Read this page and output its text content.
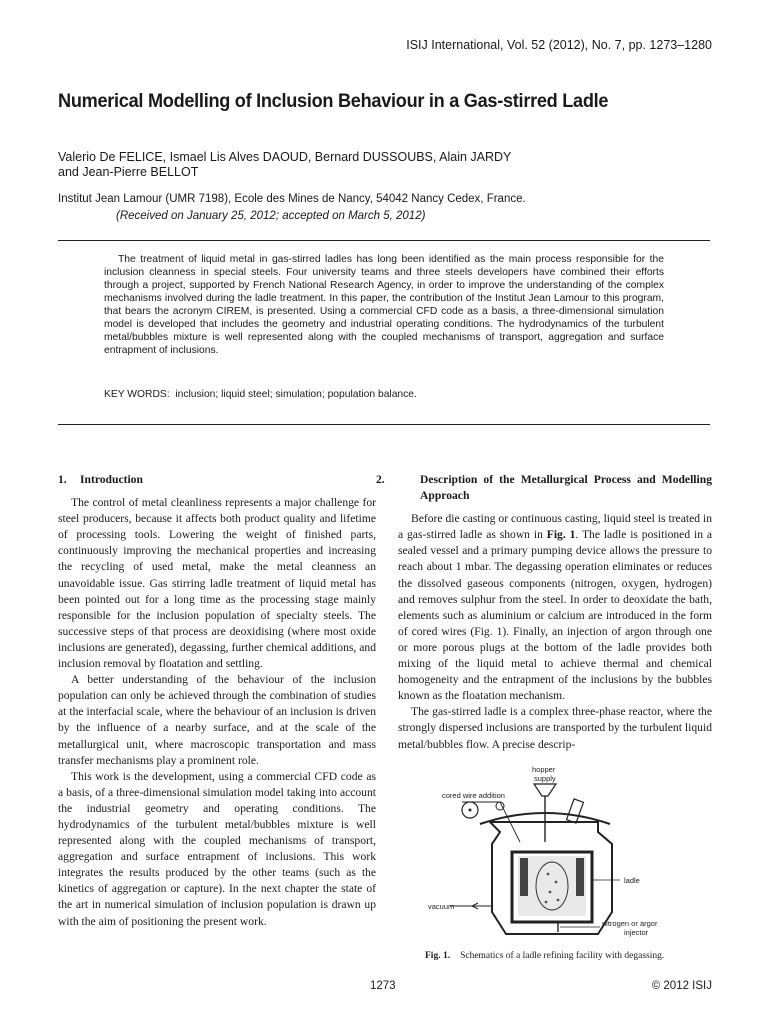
ISIJ International, Vol. 52 (2012), No. 7, pp. 1273–1280
Numerical Modelling of Inclusion Behaviour in a Gas-stirred Ladle
Valerio De FELICE, Ismael Lis Alves DAOUD, Bernard DUSSOUBS, Alain JARDY
and Jean-Pierre BELLOT
Institut Jean Lamour (UMR 7198), Ecole des Mines de Nancy, 54042 Nancy Cedex, France.
(Received on January 25, 2012; accepted on March 5, 2012)

The treatment of liquid metal in gas-stirred ladles has long been identified as the main process responsible for the inclusion cleanness in special steels. Four university teams and three steels developers have combined their efforts through a project, supported by French National Research Agency, in order to improve the understanding of the complex mechanisms involved during the ladle treatment. In this paper, the contribution of the Institut Jean Lamour to this program, that bears the acronym CIREM, is presented. Using a commercial CFD code as a basis, a three-dimensional simulation model is developed that includes the geometry and industrial operating conditions. The hydrodynamics of the turbulent metal/bubbles mixture is well represented along with the coupled mechanisms of transport, aggregation and surface entrapment of inclusions.

KEY WORDS: inclusion; liquid steel; simulation; population balance.
1. Introduction

The control of metal cleanliness represents a major challenge for steel producers, because it affects both product quality and lifetime of processing tools. Lowering the weight of finished parts, continuously improving the mechanical properties and increasing the recycling of used metal, make the metal cleanness an unavoidable issue. Gas stirring ladle treatment of liquid metal has been pointed out for a long time as the processing stage mainly responsible for the inclusion population of specialty steels. The successive steps of that process are deoxidising (where most oxide inclusions are generated), degassing, further chemical additions, and inclusion removal by floatation and settling.

A better understanding of the behaviour of the inclusion population can only be achieved through the combination of studies at the interfacial scale, where the behaviour of an inclusion is driven by the influence of a nearby surface, and at the scale of the metallurgical unit, where macroscopic transportation and mass transfer mechanisms play a prominent role.

This work is the development, using a commercial CFD code as a basis, of a three-dimensional simulation model taking into account the industrial geometry and operating conditions. The hydrodynamics of the turbulent metal/bubbles mixture is well represented along with the coupled mechanisms of transport, aggregation and surface entrapment of inclusions. This work integrates the results produced by the other teams (such as the kinetics of aggregation or capture). In the next chapter the state of the art in numerical simulation of inclusion population is drawn up with the aim of positioning the present work.

2.	Description of the Metallurgical Process and Modelling Approach

Before die casting or continuous casting, liquid steel is treated in a gas-stirred ladle as shown in Fig. 1. The ladle is positioned in a sealed vessel and a primary pumping device allows the pressure to reach about 1 mbar. The degassing operation eliminates or reduces the dissolved gaseous components (nitrogen, oxygen, hydrogen) and removes sulphur from the steel. In order to deoxidate the bath, elements such as aluminium or calcium are introduced in the form of cored wires (Fig. 1). Finally, an injection of argon through one or more porous plugs at the bottom of the ladle provides both mixing of the liquid metal to achieve thermal and chemical homogeneity and the entrapment of the inclusions by the bubbles known as the floatation mechanism.

The gas-stirred ladle is a complex three-phase reactor, where the strongly dispersed inclusions are transported by the turbulent liquid metal/bubbles flow. A precise descrip-

hopper
supply
cored wire addition
ladle
vacuum
nitrogen or argor
injector
Fig. 1. Schematics of a ladle refining facility with degassing.
1273	© 2012 ISIJ
